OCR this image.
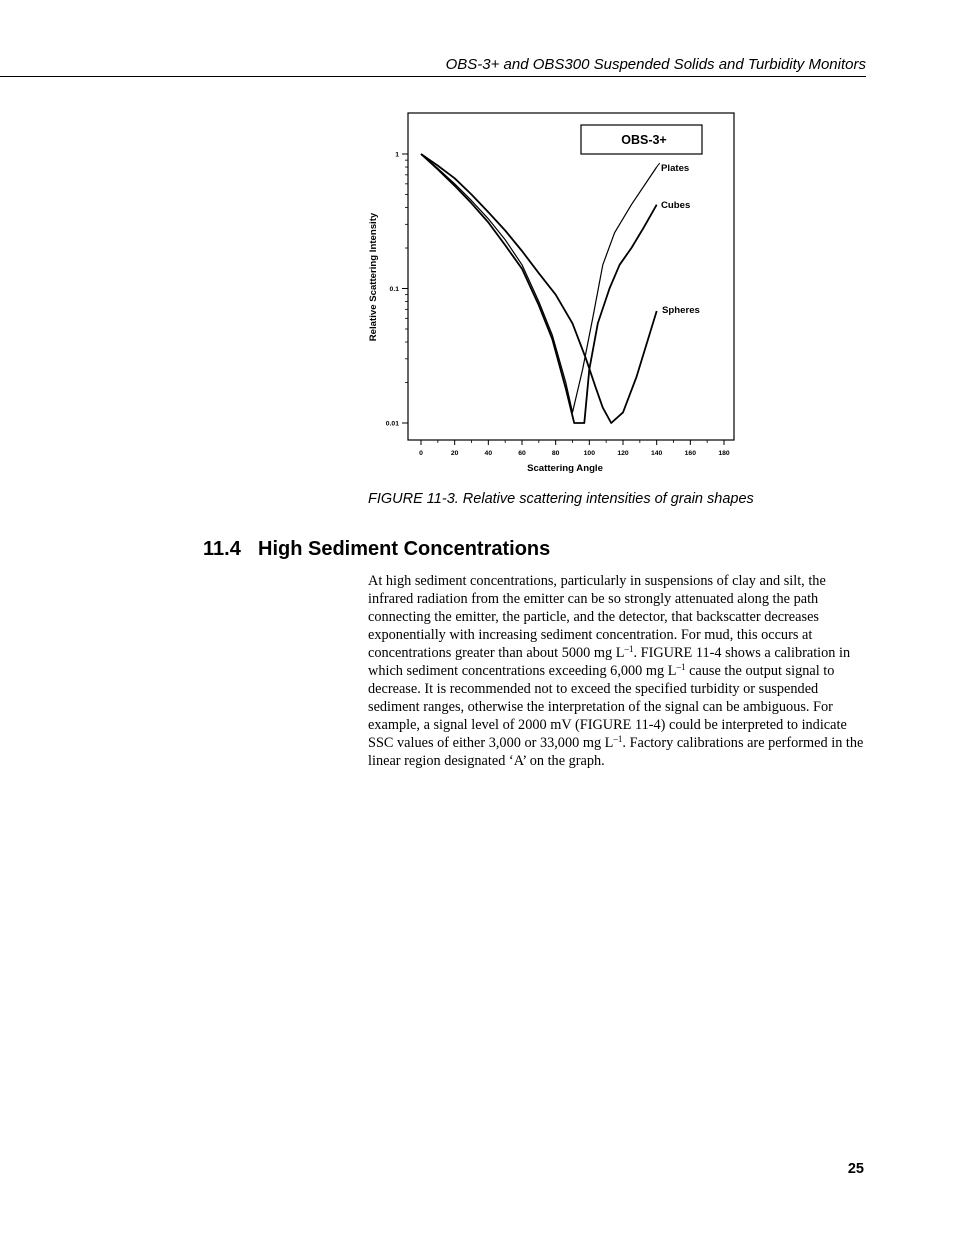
OBS-3+ and OBS300 Suspended Solids and Turbidity Monitors
1
0.1
0.01
0	20	40	60	80	100	120	140	160	180
OBS-3+
Scattering Angle
Relative Scattering Intensity
Plates
Cubes
Spheres
FIGURE 11-3. Relative scattering intensities of grain shapes
11.4 High Sediment Concentrations

At high sediment concentrations, particularly in suspensions of clay and silt, the infrared radiation from the emitter can be so strongly attenuated along the path connecting the emitter, the particle, and the detector, that backscatter decreases exponentially with increasing sediment concentration. For mud, this occurs at concentrations greater than about 5000 mg $L^{-1}$. FIGURE 11-4 shows a calibration in which sediment concentrations exceeding 6,000 mg $L^{-1}$ cause the output signal to decrease. It is recommended not to exceed the specified turbidity or suspended sediment ranges, otherwise the interpretation of the signal can be ambiguous. For example, a signal level of 2000 mV (FIGURE 11-4) could be interpreted to indicate SSC values of either 3,000 or 33,000 mg $L^{-1}$. Factory calibrations are performed in the linear region designated ‘A’ on the graph.

25
